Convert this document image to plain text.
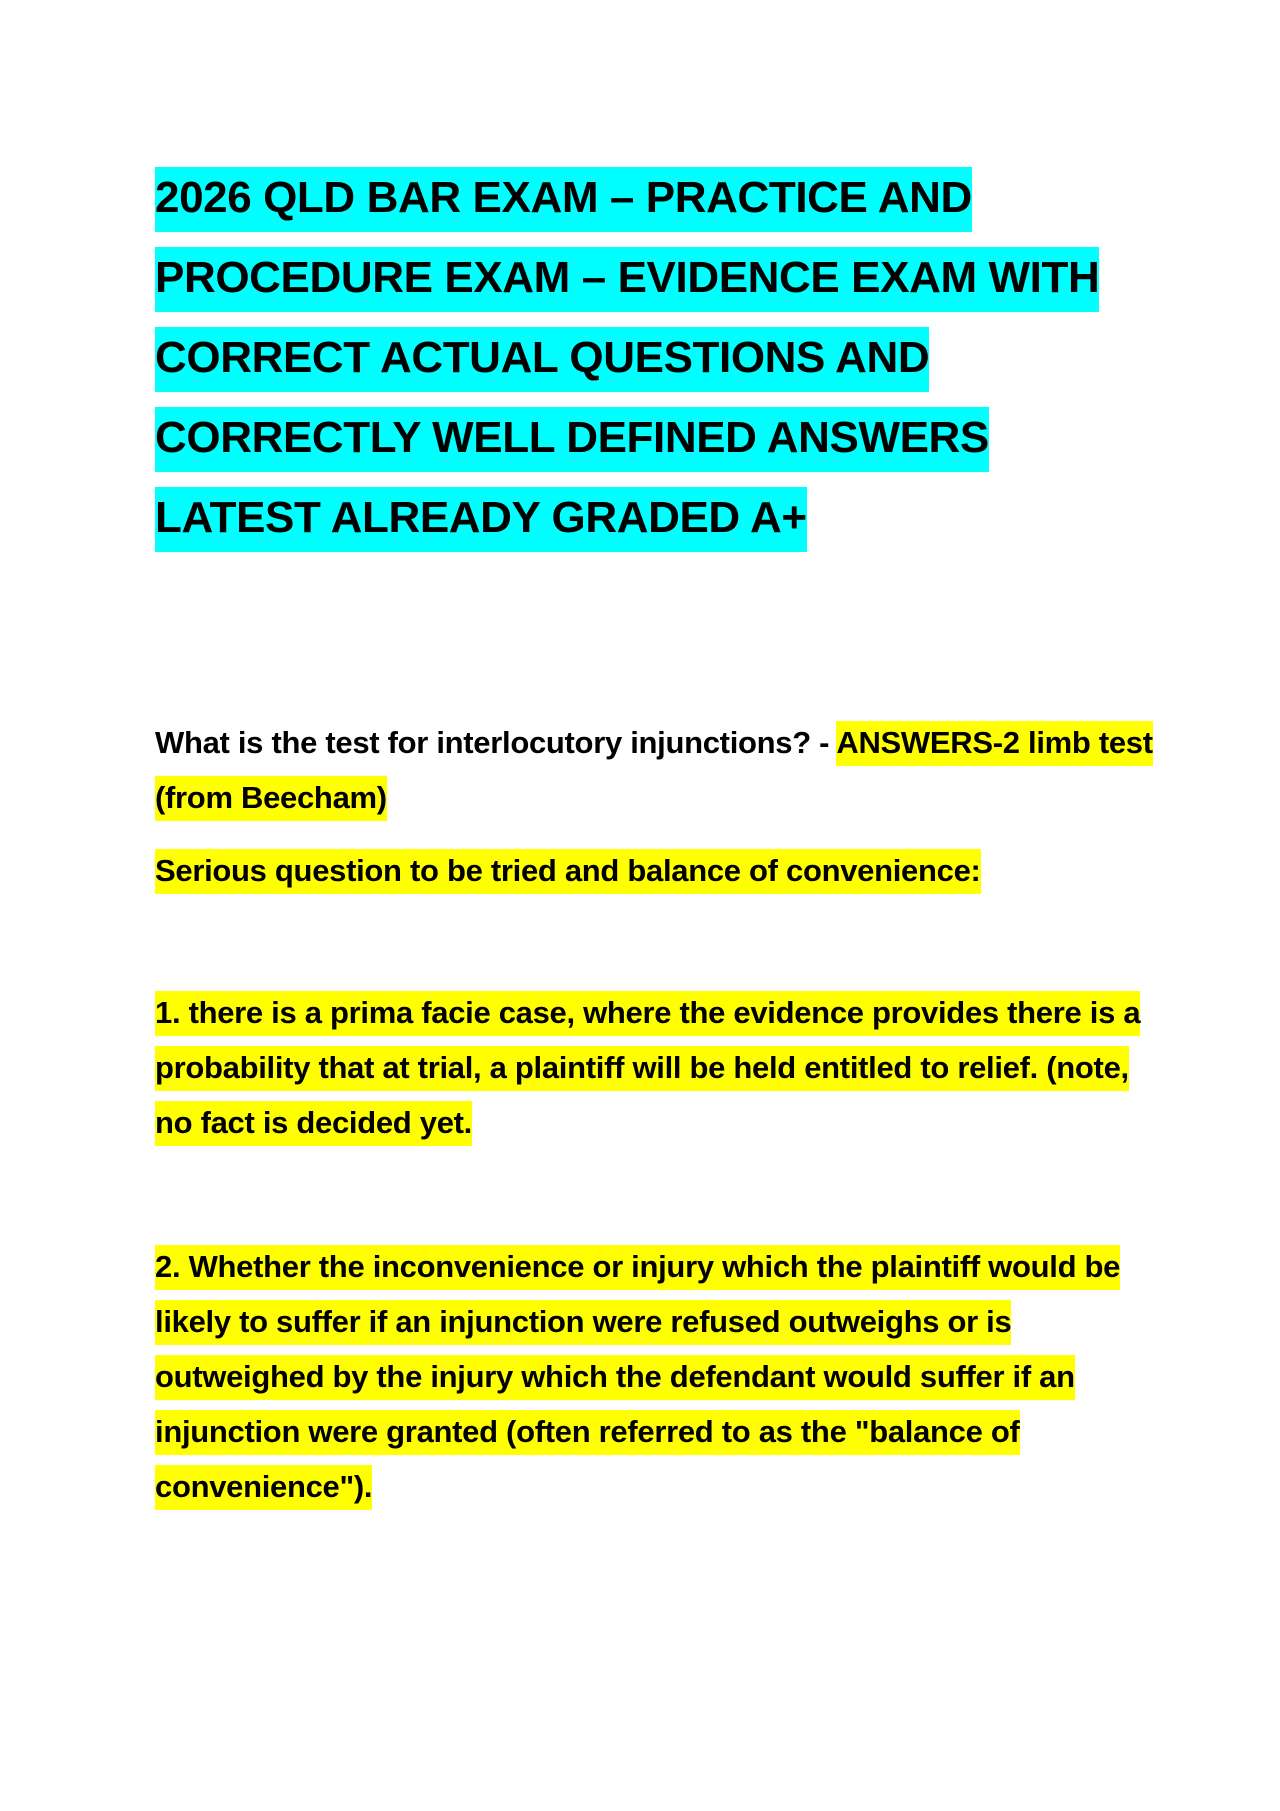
2026 QLD BAR EXAM – PRACTICE AND PROCEDURE EXAM – EVIDENCE EXAM WITH CORRECT ACTUAL QUESTIONS AND CORRECTLY WELL DEFINED ANSWERS LATEST ALREADY GRADED A+

What is the test for interlocutory injunctions? - ANSWERS-2 limb test (from Beecham)

Serious question to be tried and balance of convenience:

1. there is a prima facie case, where the evidence provides there is a probability that at trial, a plaintiff will be held entitled to relief. (note, no fact is decided yet.

2. Whether the inconvenience or injury which the plaintiff would be likely to suffer if an injunction were refused outweighs or is outweighed by the injury which the defendant would suffer if an injunction were granted (often referred to as the "balance of convenience").
